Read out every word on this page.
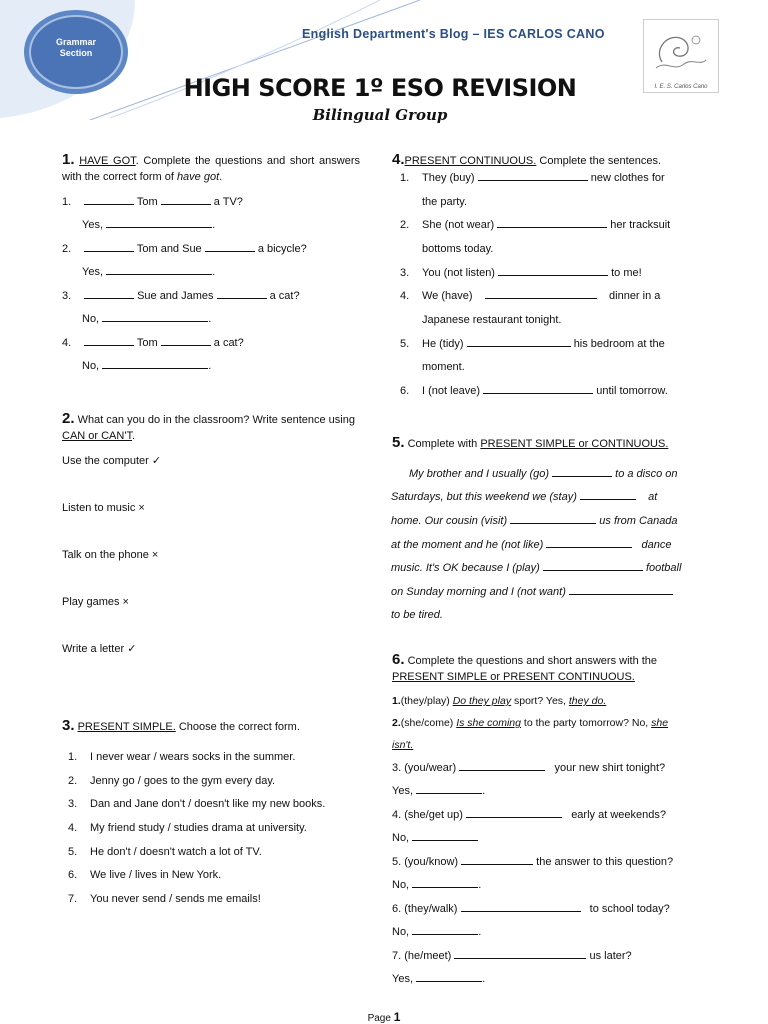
Grammar
Section
English Department's Blog – IES CARLOS CANO
I. E. S. Carlos Cano
HIGH SCORE 1º ESO REVISION
Bilingual Group
1. HAVE GOT. Complete the questions and short answers with the correct form of have got.
1.	Tom	a TV?
Yes,	.
2.	Tom and Sue	a bicycle?
Yes,	.
3.	Sue and James	a cat?
No,	.
4.	Tom	a cat?
No,	.
2. What can you do in the classroom? Write sentence using CAN or CAN'T.
Use the computer ✓
Listen to music ×
Talk on the phone ×
Play games ×
Write a letter ✓
3. PRESENT SIMPLE. Choose the correct form.
1. I never wear / wears socks in the summer.
2. Jenny go / goes to the gym every day.
3. Dan and Jane don't / doesn't like my new books.
4. My friend study / studies drama at university.
5. He don't / doesn't watch a lot of TV.
6. We live / lives in New York.
7. You never send / sends me emails!
4.PRESENT CONTINUOUS. Complete the sentences.
1. They (buy)	new clothes for
the party.
2. She (not wear)	her tracksuit
bottoms today.
3. You (not listen)	to me!
4. We (have)	dinner in a
Japanese restaurant tonight.
5. He (tidy)	his bedroom at the
moment.
6. I (not leave)	until tomorrow.
5. Complete with PRESENT SIMPLE or CONTINUOUS.
My brother and I usually (go)	to a disco on
Saturdays, but this weekend we (stay)	at
home. Our cousin (visit)	us from Canada
at the moment and he (not like)	dance
music. It's OK because I (play)	football
on Sunday morning and I (not want)
to be tired.
6. Complete the questions and short answers with the
PRESENT SIMPLE or PRESENT CONTINUOUS.
1.(they/play) Do they play sport? Yes, they do.
2.(she/come) Is she coming to the party tomorrow? No, she
isn't.
3. (you/wear)	your new shirt tonight?
Yes,	.
4. (she/get up)	early at weekends?
No,
5. (you/know)	the answer to this question?
No,	.
6. (they/walk)	to school today?
No,	.
7. (he/meet)	us later?
Yes,	.
Page 1
